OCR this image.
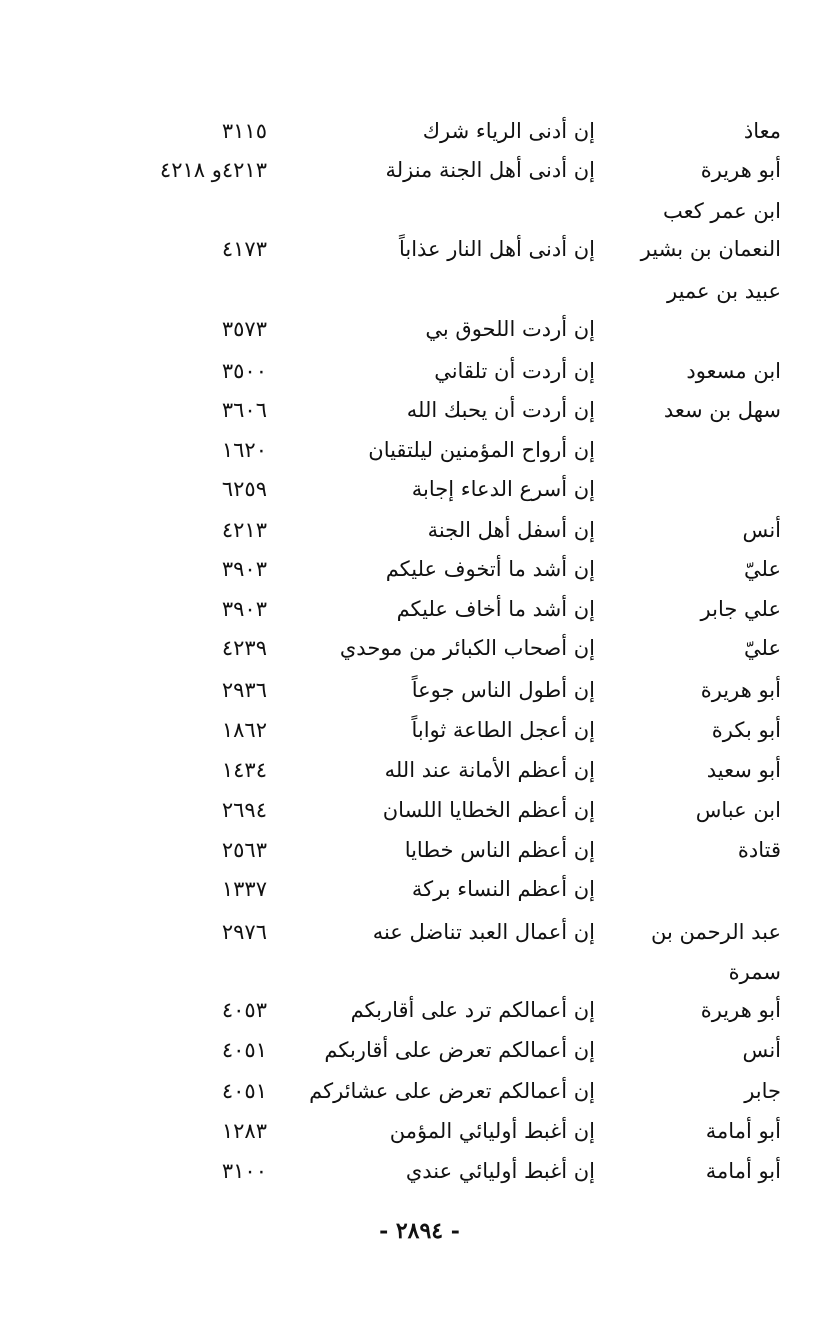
معاذ
إن أدنى الرياء شرك
٣١١٥
أبو هريرة
إن أدنى أهل الجنة منزلة
٤٢١٣و ٤٢١٨
ابن عمر كعب
النعمان بن بشير
إن أدنى أهل النار عذاباً
٤١٧٣
عبيد بن عمير
إن أردت اللحوق بي
٣٥٧٣
ابن مسعود
إن أردت أن تلقاني
٣٥٠٠
سهل بن سعد
إن أردت أن يحبك الله
٣٦٠٦
إن أرواح المؤمنين ليلتقيان
١٦٢٠
إن أسرع الدعاء إجابة
٦٢٥٩
أنس
إن أسفل أهل الجنة
٤٢١٣
عليّ
إن أشد ما أتخوف عليكم
٣٩٠٣
علي جابر
إن أشد ما أخاف عليكم
٣٩٠٣
عليّ
إن أصحاب الكبائر من موحدي
٤٢٣٩
أبو هريرة
إن أطول الناس جوعاً
٢٩٣٦
أبو بكرة
إن أعجل الطاعة ثواباً
١٨٦٢
أبو سعيد
إن أعظم الأمانة عند الله
١٤٣٤
ابن عباس
إن أعظم الخطايا اللسان
٢٦٩٤
قتادة
إن أعظم الناس خطايا
٢٥٦٣
إن أعظم النساء بركة
١٣٣٧
عبد الرحمن بن
إن أعمال العبد تناضل عنه
٢٩٧٦
سمرة
أبو هريرة
إن أعمالكم ترد على أقاربكم
٤٠٥٣
أنس
إن أعمالكم تعرض على أقاربكم
٤٠٥١
جابر
إن أعمالكم تعرض على عشائركم
٤٠٥١
أبو أمامة
إن أغبط أوليائي المؤمن
١٢٨٣
أبو أمامة
إن أغبط أوليائي عندي
٣١٠٠
- ٢٨٩٤ -
